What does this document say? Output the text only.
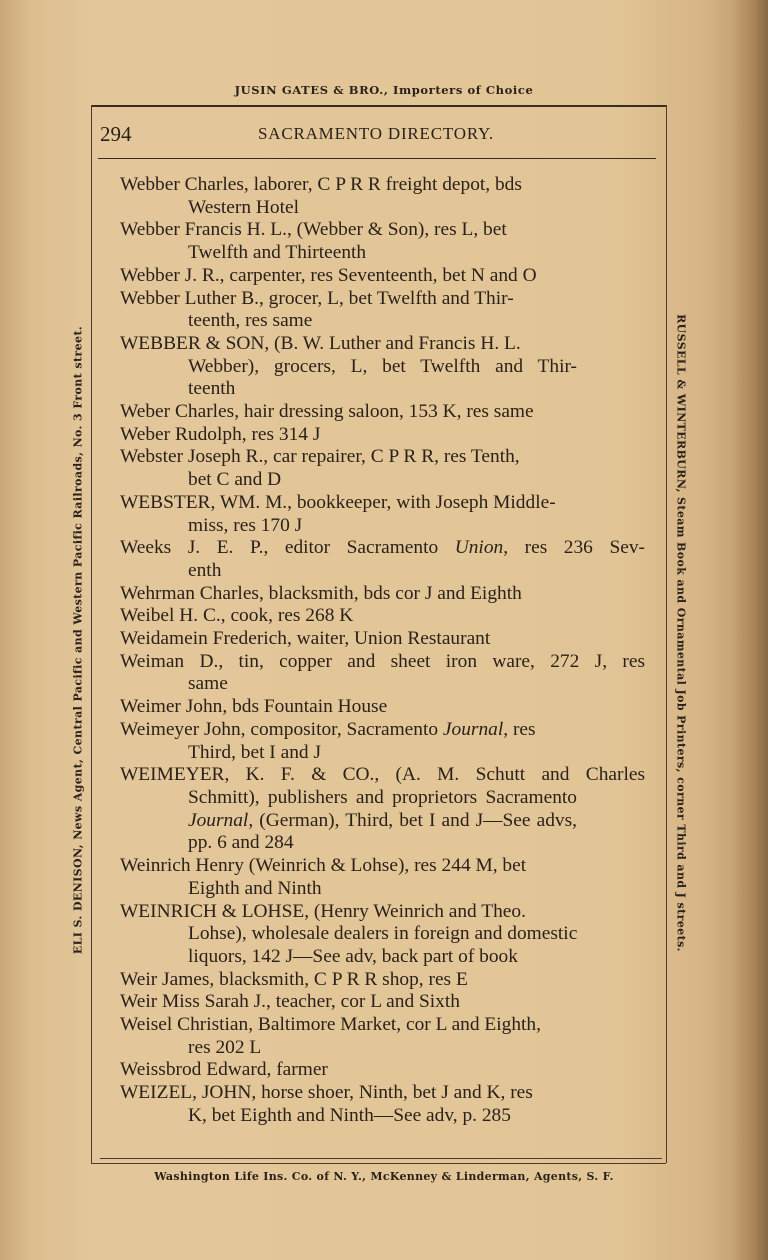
JUSIN GATES & BRO., Importers of Choice
ELI S. DENISON, News Agent, Central Pacific and Western Pacific Railroads, No. 3 Front street.	RUSSELL & WINTERBURN, Steam Book and Ornamental Job Printers, corner Third and J streets.
294	SACRAMENTO DIRECTORY.
Webber Charles, laborer, C P R R freight depot, bds
Western Hotel
Webber Francis H. L., (Webber & Son), res L, bet
Twelfth and Thirteenth
Webber J. R., carpenter, res Seventeenth, bet N and O
Webber Luther B., grocer, L, bet Twelfth and Thir-
teenth, res same
WEBBER & SON, (B. W. Luther and Francis H. L.
Webber), grocers, L, bet Twelfth and Thir-
teenth
Weber Charles, hair dressing saloon, 153 K, res same
Weber Rudolph, res 314 J
Webster Joseph R., car repairer, C P R R, res Tenth,
bet C and D
WEBSTER, WM. M., bookkeeper, with Joseph Middle-
miss, res 170 J
Weeks J. E. P., editor Sacramento Union, res 236 Sev-
enth
Wehrman Charles, blacksmith, bds cor J and Eighth
Weibel H. C., cook, res 268 K
Weidamein Frederich, waiter, Union Restaurant
Weiman D., tin, copper and sheet iron ware, 272 J, res
same
Weimer John, bds Fountain House
Weimeyer John, compositor, Sacramento Journal, res
Third, bet I and J
WEIMEYER, K. F. & CO., (A. M. Schutt and Charles
Schmitt), publishers and proprietors Sacramento
Journal, (German), Third, bet I and J—See advs,
pp. 6 and 284
Weinrich Henry (Weinrich & Lohse), res 244 M, bet
Eighth and Ninth
WEINRICH & LOHSE, (Henry Weinrich and Theo.
Lohse), wholesale dealers in foreign and domestic
liquors, 142 J—See adv, back part of book
Weir James, blacksmith, C P R R shop, res E
Weir Miss Sarah J., teacher, cor L and Sixth
Weisel Christian, Baltimore Market, cor L and Eighth,
res 202 L
Weissbrod Edward, farmer
WEIZEL, JOHN, horse shoer, Ninth, bet J and K, res
K, bet Eighth and Ninth—See adv, p. 285
Washington Life Ins. Co. of N. Y., McKenney & Linderman, Agents, S. F.
